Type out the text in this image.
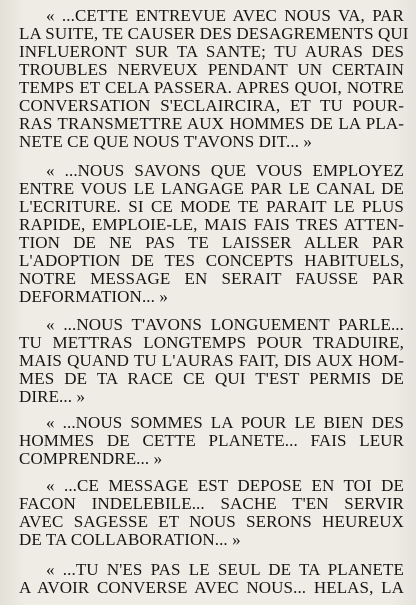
« ...CETTE ENTREVUE AVEC NOUS VA, PAR
LA SUITE, TE CAUSER DES DESAGREMENTS QUI
INFLUERONT SUR TA SANTE; TU AURAS DES
TROUBLES NERVEUX PENDANT UN CERTAIN
TEMPS ET CELA PASSERA. APRES QUOI, NOTRE
CONVERSATION S'ECLAIRCIRA, ET TU POUR-
RAS TRANSMETTRE AUX HOMMES DE LA PLA-
NETE CE QUE NOUS T'AVONS DIT... »
« ...NOUS SAVONS QUE VOUS EMPLOYEZ
ENTRE VOUS LE LANGAGE PAR LE CANAL DE
L'ECRITURE. SI CE MODE TE PARAIT LE PLUS
RAPIDE, EMPLOIE-LE, MAIS FAIS TRES ATTEN-
TION DE NE PAS TE LAISSER ALLER PAR
L'ADOPTION DE TES CONCEPTS HABITUELS,
NOTRE MESSAGE EN SERAIT FAUSSE PAR
DEFORMATION... »
« ...NOUS T'AVONS LONGUEMENT PARLE...
TU METTRAS LONGTEMPS POUR TRADUIRE,
MAIS QUAND TU L'AURAS FAIT, DIS AUX HOM-
MES DE TA RACE CE QUI T'EST PERMIS DE
DIRE... »
« ...NOUS SOMMES LA POUR LE BIEN DES
HOMMES DE CETTE PLANETE... FAIS LEUR
COMPRENDRE... »
« ...CE MESSAGE EST DEPOSE EN TOI DE
FACON INDELEBILE... SACHE T'EN SERVIR
AVEC SAGESSE ET NOUS SERONS HEUREUX
DE TA COLLABORATION... »
« ...TU N'ES PAS LE SEUL DE TA PLANETE
A AVOIR CONVERSE AVEC NOUS... HELAS, LA
